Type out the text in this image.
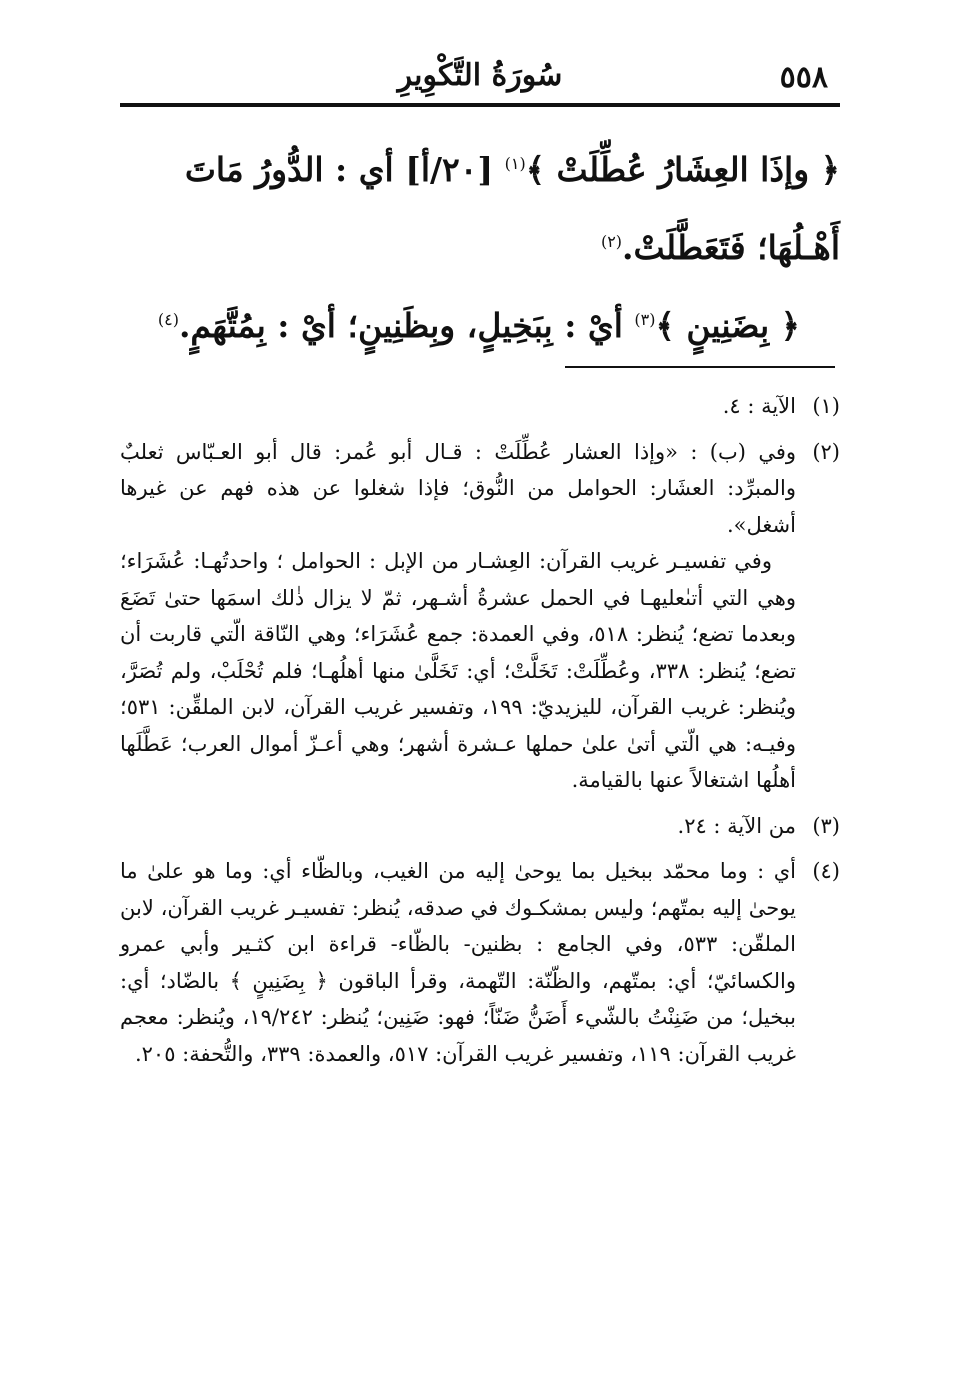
٥٥٨
سُورَةُ التَّكْوِيرِ

﴿ وإذَا العِشَارُ عُطِّلَتْ ﴾$^{(١)}$ [٢٠/أ] أي : الدُّورُ مَاتَ أَهْـلُهَا؛ فَتَعَطَّلَتْ.$^{(٢)}$

﴿ بِضَنِينٍ ﴾$^{(٣)}$ أيْ : بِبَخِيلٍ، وبِظَنِينٍ؛ أيْ : بِمُتَّهَمٍ.$^{(٤)}$

(١)

الآية : ٤.

(٢)

وفي (ب) : «وإذا العشار عُطِّلَتْ : قـال أبو عُمر: قال أبو العـبّاس ثعلبٌ والمبرِّد: العشَار: الحوامل من النُّوق؛ فإذا شغلوا عن هذه فهم عن غيرها أشغل».

وفي تفسيـر غريب القرآن: العِشـار من الإبل : الحوامل ؛ واحدتُهـا: عُشَرَاء؛ وهي التي أتىٰعليهـا في الحمل عشرةُ أشـهر، ثمّ لا يزال ذٰلك اسمَها حتىٰ تَضَعَ وبعدما تضع؛ يُنظر: ٥١٨، وفي العمدة: جمع عُشَرَاء؛ وهي النّاقة الّتي قاربت أن تضع؛ يُنظر: ٣٣٨، وعُطِّلَتْ: تَخَلَّتْ؛ أي: تَخَلَّىٰ منها أهلُهـا؛ فلم تُحْلَبْ، ولم تُصَرَّ، ويُنظر: غريب القرآن، لليزيديّ: ١٩٩، وتفسير غريب القرآن، لابن الملقِّن: ٥٣١؛ وفيـه: هي الّتي أتىٰ علىٰ حملها عـشرة أشهر؛ وهي أعـزّ أموال العرب؛ عَطَّلَها أهلُها اشتغالاً عنها بالقيامة.

(٣)

من الآية : ٢٤.

(٤)

أي : وما محمّد ببخيل بما يوحىٰ إليه من الغيب، وبالظّاء أي: وما هو علىٰ ما يوحىٰ إليه بمتّهم؛ وليس بمشكـوك في صدقه، يُنظر: تفسيـر غريب القرآن، لابن الملقّن: ٥٣٣، وفي الجامع : بظنين- بالظّاء- قراءة ابن كثـير وأبي عمرو والكسائيّ؛ أي: بمتّهم، والظّنّة: التّهمة، وقرأ الباقون ﴿ بِضَنِينٍ ﴾ بالضّاد؛ أي: ببخيل؛ من ضَنِنْتُ بالشّيء أَضَنُّ ضَنّاً؛ فهو: ضَنِين؛ يُنظر: ١٩/٢٤٢، ويُنظر: معجم غريب القرآن: ١١٩، وتفسير غريب القرآن: ٥١٧، والعمدة: ٣٣٩، والتُّحفة: ٢٠٥.
